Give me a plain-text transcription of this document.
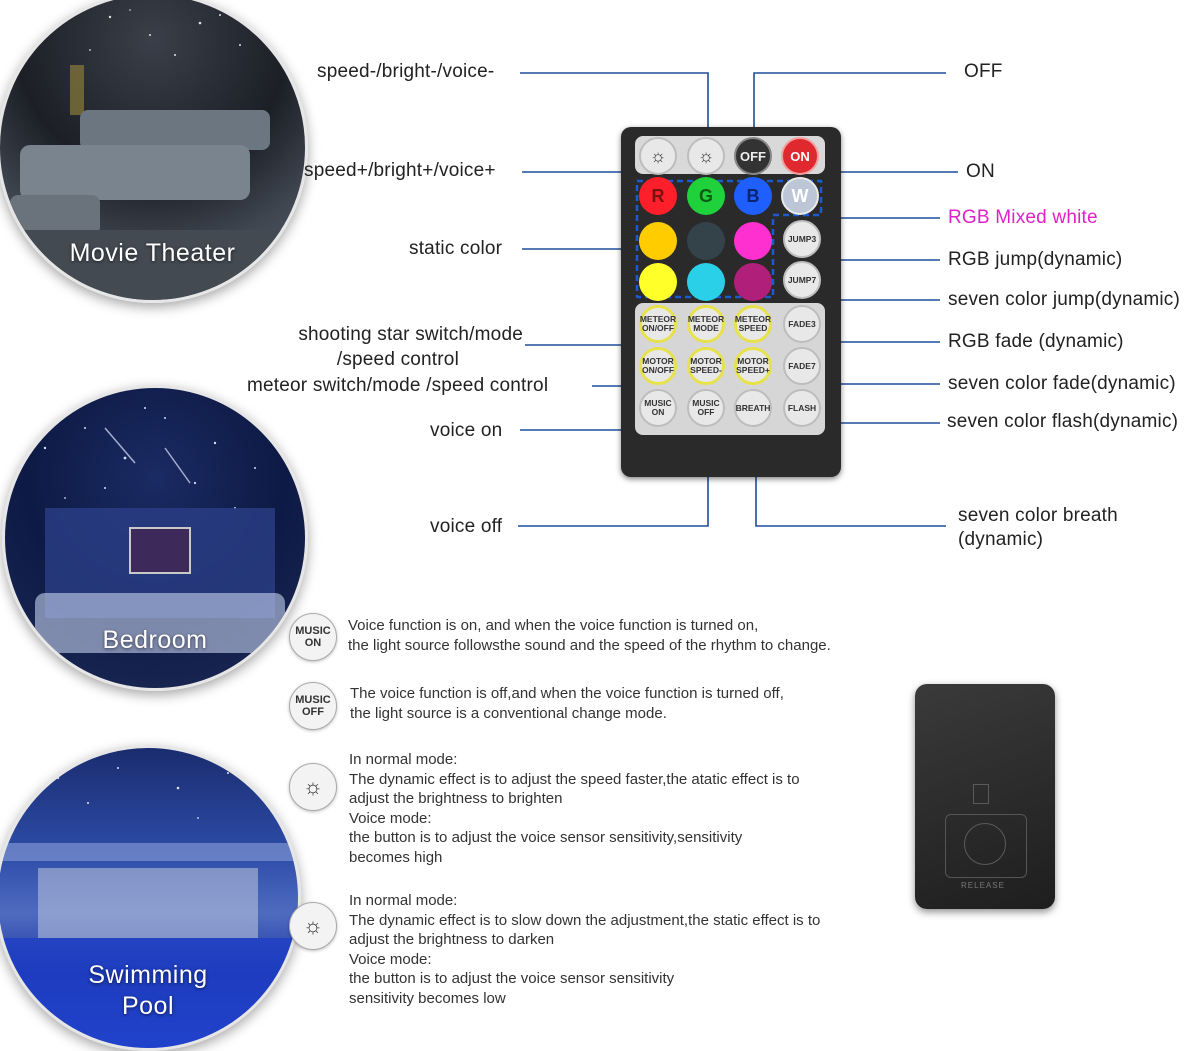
Movie Theater
Bedroom
Swimming Pool
☼ ☼ OFF ON
R G B W
JUMP3
JUMP7
METEOR
ON/OFF
METEOR
MODE
METEOR
SPEED	FADE3
MOTOR
ON/OFF
MOTOR
SPEED-
MOTOR
SPEED+ FADE7
MUSIC
ON
MUSIC
OFF	BREATH FLASH
speed-/bright-/voice-
speed+/bright+/voice+
static color
shooting star switch/mode
/speed control
meteor switch/mode /speed control
voice on
voice off
OFF
ON
RGB Mixed white
RGB jump(dynamic)
seven color jump(dynamic)
RGB fade (dynamic)
seven color fade(dynamic)
seven color flash(dynamic)
seven color breath
(dynamic)
MUSIC
ON
Voice function is on, and when the voice function is turned on,
the light source followsthe sound and the speed of the rhythm to change.
MUSIC
OFF
The voice function is off,and when the voice function is turned off,
the light source is a conventional change mode.
☼
In normal mode:
The dynamic effect is to adjust the speed faster,the atatic effect is to
adjust the brightness to brighten
Voice mode:
the button is to adjust the voice sensor sensitivity,sensitivity
becomes high
☼
In normal mode:
The dynamic effect is to slow down the adjustment,the static effect is to
adjust the brightness to darken
Voice mode:
the button is to adjust the voice sensor sensitivity
sensitivity becomes low
RELEASE
